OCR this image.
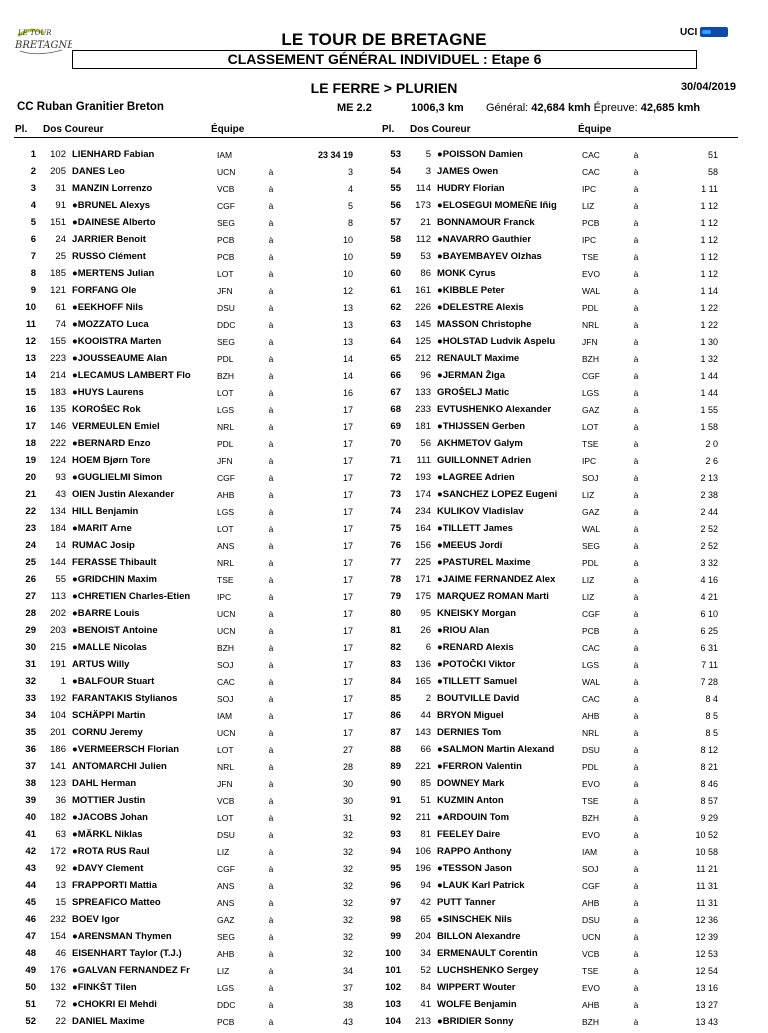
LE TOUR
BRETAGNE	LE TOUR DE BRETAGNE	UCI
CLASSEMENT GÉNÉRAL INDIVIDUEL : Etape 6
LE FERRE > PLURIEN	30/04/2019
CC Ruban Granitier Breton	ME 2.2	1006,3 km Général: 42,684 kmh Épreuve: 42,685 kmh
Pl. Dos Coureur	Équipe	Pl. Dos Coureur	Équipe
1	102 LIENHARD Fabian	IAM	23 34 19
2	205 DANES Leo	UCN	à	3
3	31 MANZIN Lorrenzo	VCB	à	4
4	91 ●BRUNEL Alexys	CGF	à	5
5	151 ●DAINESE Alberto	SEG	à	8
6	24 JARRIER Benoit	PCB	à	10
7	25 RUSSO Clément	PCB	à	10
8	185 ●MERTENS Julian	LOT	à	10
9	121 FORFANG Ole	JFN	à	12
10	61 ●EEKHOFF Nils	DSU	à	13
11	74 ●MOZZATO Luca	DDC	à	13
12	155 ●KOOISTRA Marten	SEG	à	13
13	223 ●JOUSSEAUME Alan	PDL	à	14
14	214 ●LECAMUS LAMBERT Flo	BZH	à	14
15	183 ●HUYS Laurens	LOT	à	16
16	135 KOROŠEC Rok	LGS	à	17
17	146 VERMEULEN Emiel	NRL	à	17
18	222 ●BERNARD Enzo	PDL	à	17
19	124 HOEM Bjørn Tore	JFN	à	17
20	93 ●GUGLIELMI Simon	CGF	à	17
21	43 OIEN Justin Alexander	AHB	à	17
22	134 HILL Benjamin	LGS	à	17
23	184 ●MARIT Arne	LOT	à	17
24	14 RUMAC Josip	ANS	à	17
25	144 FERASSE Thibault	NRL	à	17
26	55 ●GRIDCHIN Maxim	TSE	à	17
27	113 ●CHRETIEN Charles-Etien	IPC	à	17
28	202 ●BARRE Louis	UCN	à	17
29	203 ●BENOIST Antoine	UCN	à	17
30	215 ●MALLE Nicolas	BZH	à	17
31	191 ARTUS Willy	SOJ	à	17
32	1 ●BALFOUR Stuart	CAC	à	17
33	192 FARANTAKIS Stylianos	SOJ	à	17
34	104 SCHÄPPI Martin	IAM	à	17
35	201 CORNU Jeremy	UCN	à	17
36	186 ●VERMEERSCH Florian	LOT	à	27
37	141 ANTOMARCHI Julien	NRL	à	28
38	123 DAHL Herman	JFN	à	30
39	36 MOTTIER Justin	VCB	à	30
40	182 ●JACOBS Johan	LOT	à	31
41	63 ●MÄRKL Niklas	DSU	à	32
42	172 ●ROTA RUS Raul	LIZ	à	32
43	92 ●DAVY Clement	CGF	à	32
44	13 FRAPPORTI Mattia	ANS	à	32
45	15 SPREAFICO Matteo	ANS	à	32
46	232 BOEV Igor	GAZ	à	32
47	154 ●ARENSMAN Thymen	SEG	à	32
48	46 EISENHART Taylor (T.J.)	AHB	à	32
49	176 ●GALVAN FERNANDEZ Fr	LIZ	à	34
50	132 ●FINKŠT Tilen	LGS	à	37
51	72 ●CHOKRI El Mehdi	DDC	à	38
52	22 DANIEL Maxime	PCB	à	43
53	5 ●POISSON Damien	CAC	à	51
54	3 JAMES Owen	CAC	à	58
55	114 HUDRY Florian	IPC	à	1 11
56	173 ●ELOSEGUI MOMEÑE Iñig	LIZ	à	1 12
57	21 BONNAMOUR Franck	PCB	à	1 12
58	112 ●NAVARRO Gauthier	IPC	à	1 12
59	53 ●BAYEMBAYEV Olzhas	TSE	à	1 12
60	86 MONK Cyrus	EVO	à	1 12
61	161 ●KIBBLE Peter	WAL	à	1 14
62	226 ●DELESTRE Alexis	PDL	à	1 22
63	145 MASSON Christophe	NRL	à	1 22
64	125 ●HOLSTAD Ludvik Aspelu	JFN	à	1 30
65	212 RENAULT Maxime	BZH	à	1 32
66	96 ●JERMAN Žiga	CGF	à	1 44
67	133 GROŠELJ Matic	LGS	à	1 44
68	233 EVTUSHENKO Alexander	GAZ	à	1 55
69	181 ●THIJSSEN Gerben	LOT	à	1 58
70	56 AKHMETOV Galym	TSE	à	2 0
71	111 GUILLONNET Adrien	IPC	à	2 6
72	193 ●LAGREE Adrien	SOJ	à	2 13
73	174 ●SANCHEZ LOPEZ Eugeni	LIZ	à	2 38
74	234 KULIKOV Vladislav	GAZ	à	2 44
75	164 ●TILLETT James	WAL	à	2 52
76	156 ●MEEUS Jordi	SEG	à	2 52
77	225 ●PASTUREL Maxime	PDL	à	3 32
78	171 ●JAIME FERNANDEZ Alex	LIZ	à	4 16
79	175 MARQUEZ ROMAN Marti	LIZ	à	4 21
80	95 KNEISKY Morgan	CGF	à	6 10
81	26 ●RIOU Alan	PCB	à	6 25
82	6 ●RENARD Alexis	CAC	à	6 31
83	136 ●POTOČKI Viktor	LGS	à	7 11
84	165 ●TILLETT Samuel	WAL	à	7 28
85	2 BOUTVILLE David	CAC	à	8 4
86	44 BRYON Miguel	AHB	à	8 5
87	143 DERNIES Tom	NRL	à	8 5
88	66 ●SALMON Martin Alexand	DSU	à	8 12
89	221 ●FERRON Valentin	PDL	à	8 21
90	85 DOWNEY Mark	EVO	à	8 46
91	51 KUZMIN Anton	TSE	à	8 57
92	211 ●ARDOUIN Tom	BZH	à	9 29
93	81 FEELEY Daire	EVO	à	10 52
94	106 RAPPO Anthony	IAM	à	10 58
95	196 ●TESSON Jason	SOJ	à	11 21
96	94 ●LAUK Karl Patrick	CGF	à	11 31
97	42 PUTT Tanner	AHB	à	11 31
98	65 ●SINSCHEK Nils	DSU	à	12 36
99	204 BILLON Alexandre	UCN	à	12 39
100	34 ERMENAULT Corentin	VCB	à	12 53
101	52 LUCHSHENKO Sergey	TSE	à	12 54
102	84 WIPPERT Wouter	EVO	à	13 16
103	41 WOLFE Benjamin	AHB	à	13 27
104	213 ●BRIDIER Sonny	BZH	à	13 43
